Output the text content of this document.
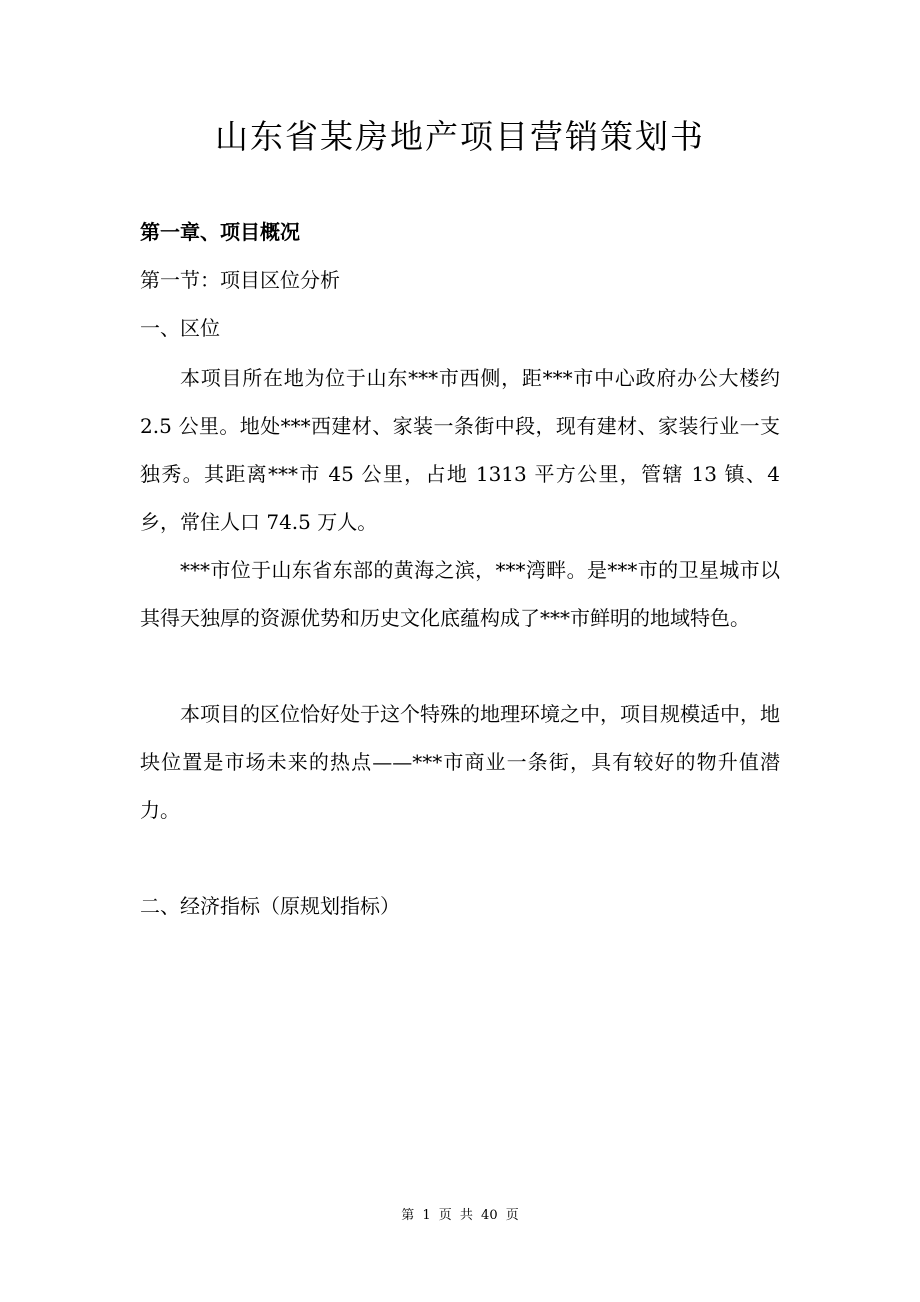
山东省某房地产项目营销策划书
第一章、项目概况
第一节：项目区位分析
一、区位

本项目所在地为位于山东***市西侧，距***市中心政府办公大楼约 2.5 公里。地处***西建材、家装一条街中段，现有建材、家装行业一支独秀。其距离***市 45 公里，占地 1313 平方公里，管辖 13 镇、4 乡，常住人口 74.5 万人。

***市位于山东省东部的黄海之滨，***湾畔。是***市的卫星城市以其得天独厚的资源优势和历史文化底蕴构成了***市鲜明的地域特色。

本项目的区位恰好处于这个特殊的地理环境之中，项目规模适中，地块位置是市场未来的热点——***市商业一条街，具有较好的物升值潜力。

二、经济指标（原规划指标）
第 1 页 共 40 页
